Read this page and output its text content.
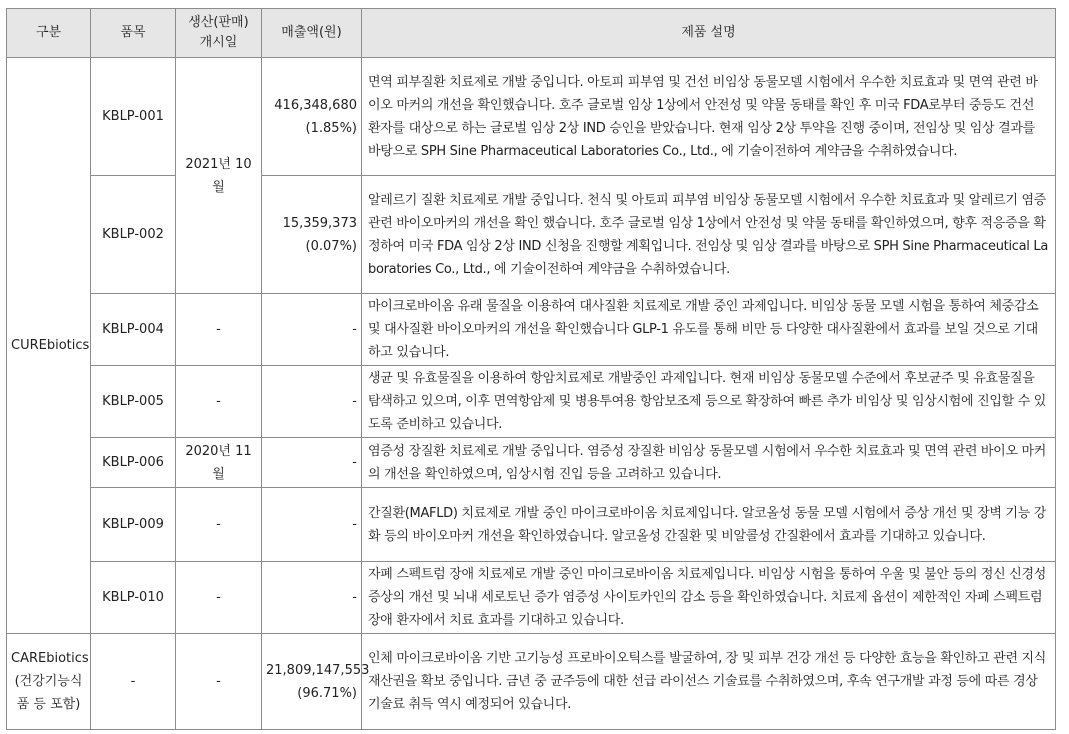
구분	품목	생산(판매) 개시일	매출액(원)	제품 설명
CUREbiotics	KBLP-001	2021년 10월	416,348,680 (1.85%)	면역 피부질환 치료제로 개발 중입니다. 아토피 피부염 및 건선 비임상 동물모델 시험에서 우수한 치료효과 및 면역 관련 바이오 마커의 개선을 확인했습니다. 호주 글로벌 임상 1상에서 안전성 및 약물 동태를 확인 후 미국 FDA로부터 중등도 건선 환자를 대상으로 하는 글로벌 임상 2상 IND 승인을 받았습니다. 현재 임상 2상 투약을 진행 중이며, 전임상 및 임상 결과를 바탕으로 SPH Sine Pharmaceutical Laboratories Co., Ltd., 에 기술이전하여 계약금을 수취하였습니다.
	KBLP-002		15,359,373 (0.07%)	알레르기 질환 치료제로 개발 중입니다. 천식 및 아토피 피부염 비임상 동물모델 시험에서 우수한 치료효과 및 알레르기 염증 관련 바이오마커의 개선을 확인 했습니다. 호주 글로벌 임상 1상에서 안전성 및 약물 동태를 확인하였으며, 향후 적응증을 확정하여 미국 FDA 임상 2상 IND 신청을 진행할 계획입니다. 전임상 및 임상 결과를 바탕으로 SPH Sine Pharmaceutical Laboratories Co., Ltd., 에 기술이전하여 계약금을 수취하였습니다.
	KBLP-004	-	-	마이크로바이옴 유래 물질을 이용하여 대사질환 치료제로 개발 중인 과제입니다. 비임상 동물 모델 시험을 통하여 체중감소 및 대사질환 바이오마커의 개선을 확인했습니다 GLP-1 유도를 통해 비만 등 다양한 대사질환에서 효과를 보일 것으로 기대하고 있습니다.
	KBLP-005	-	-	생균 및 유효물질을 이용하여 항암치료제로 개발중인 과제입니다. 현재 비임상 동물모델 수준에서 후보균주 및 유효물질을 탐색하고 있으며, 이후 면역항암제 및 병용투여용 항암보조제 등으로 확장하여 빠른 추가 비임상 및 임상시험에 진입할 수 있도록 준비하고 있습니다.
	KBLP-006	2020년 11월	-	염증성 장질환 치료제로 개발 중입니다. 염증성 장질환 비임상 동물모델 시험에서 우수한 치료효과 및 면역 관련 바이오 마커의 개선을 확인하였으며, 임상시험 진입 등을 고려하고 있습니다.
	KBLP-009	-	-	간질환(MAFLD) 치료제로 개발 중인 마이크로바이옴 치료제입니다. 알코올성 동물 모델 시험에서 증상 개선 및 장벽 기능 강화 등의 바이오마커 개선을 확인하였습니다. 알코올성 간질환 및 비알콜성 간질환에서 효과를 기대하고 있습니다.
	KBLP-010	-	-	자폐 스펙트럼 장애 치료제로 개발 중인 마이크로바이옴 치료제입니다. 비임상 시험을 통하여 우울 및 불안 등의 정신 신경성 증상의 개선 및 뇌내 세로토닌 증가 염증성 사이토카인의 감소 등을 확인하였습니다. 치료제 옵션이 제한적인 자폐 스펙트럼 장애 환자에서 치료 효과를 기대하고 있습니다.
CAREbiotics (건강기능식품 등 포함)	-	-	21,809,147,553 (96.71%)	인체 마이크로바이옴 기반 고기능성 프로바이오틱스를 발굴하여, 장 및 피부 건강 개선 등 다양한 효능을 확인하고 관련 지식재산권을 확보 중입니다. 금년 중 균주등에 대한 선급 라이선스 기술료를 수취하였으며, 후속 연구개발 과정 등에 따른 경상기술료 취득 역시 예정되어 있습니다.
